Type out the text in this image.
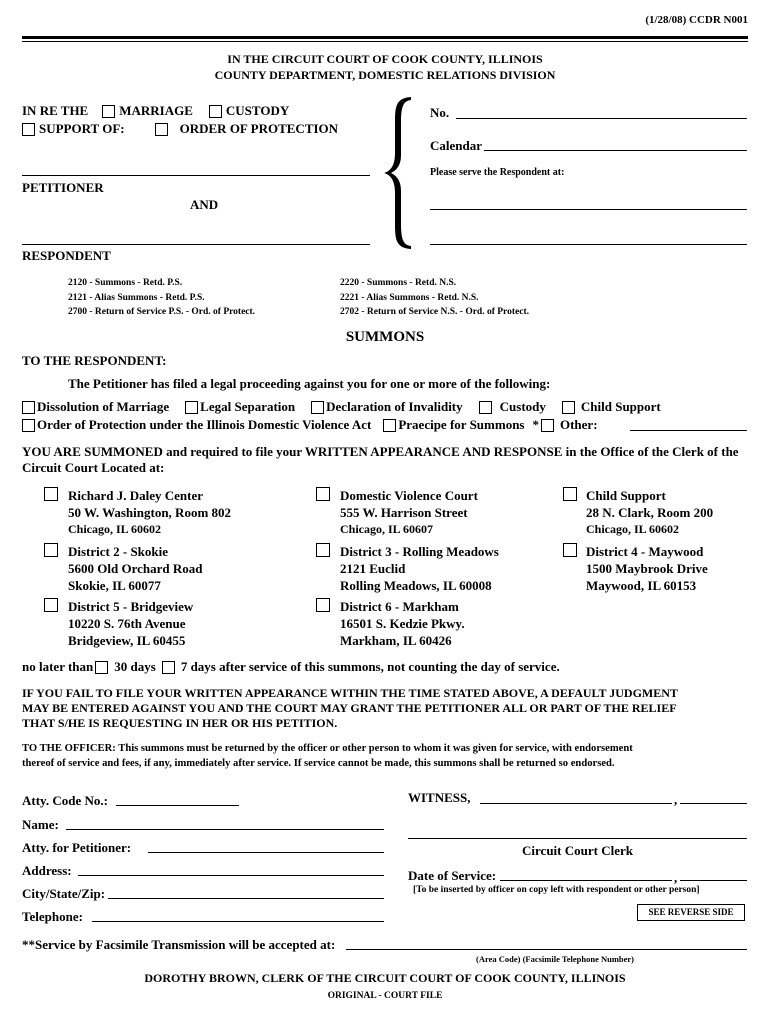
(1/28/08) CCDR N001
IN THE CIRCUIT COURT OF COOK COUNTY, ILLINOIS
COUNTY DEPARTMENT, DOMESTIC RELATIONS DIVISION
IN RE THE MARRIAGE	CUSTODY
SUPPORT OF:	ORDER OF PROTECTION
PETITIONER
AND
RESPONDENT
No.
Calendar
Please serve the Respondent at:
2120 - Summons - Retd. P.S.
2121 - Alias Summons - Retd. P.S.
2700 - Return of Service P.S. - Ord. of Protect.
2220 - Summons - Retd. N.S.
2221 - Alias Summons - Retd. N.S.
2702 - Return of Service N.S. - Ord. of Protect.
SUMMONS
TO THE RESPONDENT:
The Petitioner has filed a legal proceeding against you for one or more of the following:
Dissolution of Marriage Legal Separation Declaration of Invalidity	Custody	Child Support
Order of Protection under the Illinois Domestic Violence Act Praecipe for Summons * Other:
YOU ARE SUMMONED and required to file your WRITTEN APPEARANCE AND RESPONSE in the Office of the Clerk of the Circuit Court Located at:
Richard J. Daley Center
50 W. Washington, Room 802
Chicago, IL 60602
Domestic Violence Court
555 W. Harrison Street
Chicago, IL 60607
Child Support
28 N. Clark, Room 200
Chicago, IL 60602
District 2 - Skokie
5600 Old Orchard Road
Skokie, IL 60077
District 3 - Rolling Meadows
2121 Euclid
Rolling Meadows, IL 60008
District 4 - Maywood
1500 Maybrook Drive
Maywood, IL 60153
District 5 - Bridgeview
10220 S. 76th Avenue
Bridgeview, IL 60455
District 6 - Markham
16501 S. Kedzie Pkwy.
Markham, IL 60426
no later than 30 days 7 days after service of this summons, not counting the day of service.
IF YOU FAIL TO FILE YOUR WRITTEN APPEARANCE WITHIN THE TIME STATED ABOVE, A DEFAULT JUDGMENT
MAY BE ENTERED AGAINST YOU AND THE COURT MAY GRANT THE PETITIONER ALL OR PART OF THE RELIEF
THAT S/HE IS REQUESTING IN HER OR HIS PETITION.
TO THE OFFICER: This summons must be returned by the officer or other person to whom it was given for service, with endorsement
thereof of service and fees, if any, immediately after service. If service cannot be made, this summons shall be returned so endorsed.
Atty. Code No.:
Name:
Atty. for Petitioner:
Address:
City/State/Zip:
Telephone:
WITNESS,	,
Circuit Court Clerk
Date of Service:	,
[To be inserted by officer on copy left with respondent or other person]
SEE REVERSE SIDE
**Service by Facsimile Transmission will be accepted at:
(Area Code) (Facsimile Telephone Number)
DOROTHY BROWN, CLERK OF THE CIRCUIT COURT OF COOK COUNTY, ILLINOIS
ORIGINAL - COURT FILE
